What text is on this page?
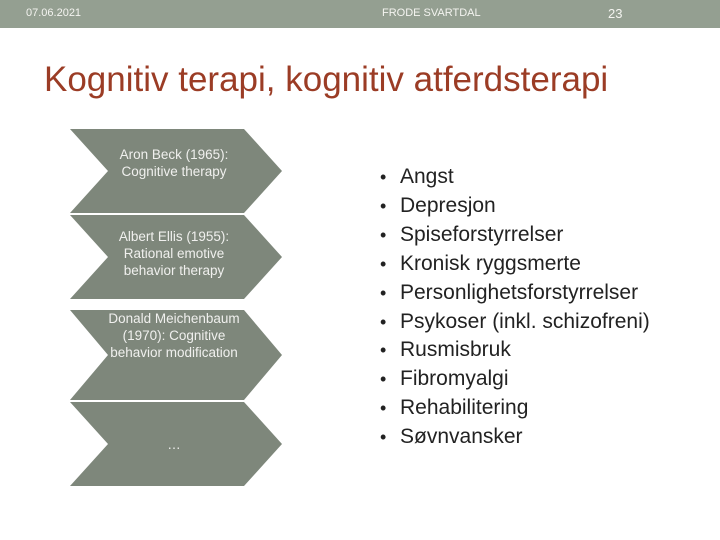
07.06.2021	FRODE SVARTDAL	23
Kognitiv terapi, kognitiv atferdsterapi
Aron Beck (1965): Cognitive therapy
Albert Ellis (1955): Rational emotive behavior therapy
Donald Meichenbaum (1970): Cognitive behavior modification
…
• Angst
• Depresjon
• Spiseforstyrrelser
• Kronisk ryggsmerte
• Personlighetsforstyrrelser
• Psykoser (inkl. schizofreni)
• Rusmisbruk
• Fibromyalgi
• Rehabilitering
• Søvnvansker
